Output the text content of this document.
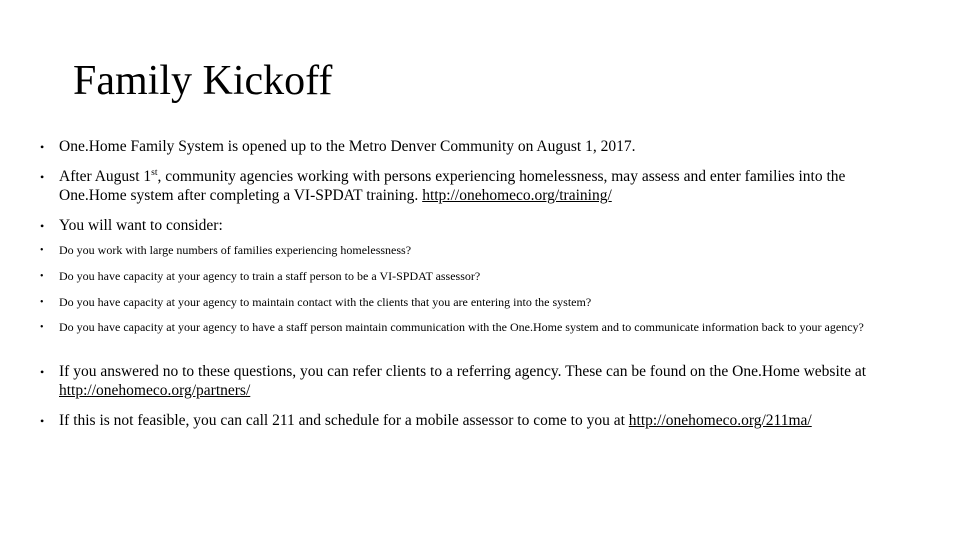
Family Kickoff
• One.Home Family System is opened up to the Metro Denver Community on August 1, 2017.
• After August 1st, community agencies working with persons experiencing homelessness, may assess and enter families into the One.Home system after completing a VI-SPDAT training. http://onehomeco.org/training/
• You will want to consider:
•	Do you work with large numbers of families experiencing homelessness?
•	Do you have capacity at your agency to train a staff person to be a VI-SPDAT assessor?
•	Do you have capacity at your agency to maintain contact with the clients that you are entering into the system?
•	Do you have capacity at your agency to have a staff person maintain communication with the One.Home system and to communicate information back to your agency?
• If you answered no to these questions, you can refer clients to a referring agency. These can be found on the One.Home website at http://onehomeco.org/partners/
• If this is not feasible, you can call 211 and schedule for a mobile assessor to come to you at http://onehomeco.org/211ma/
